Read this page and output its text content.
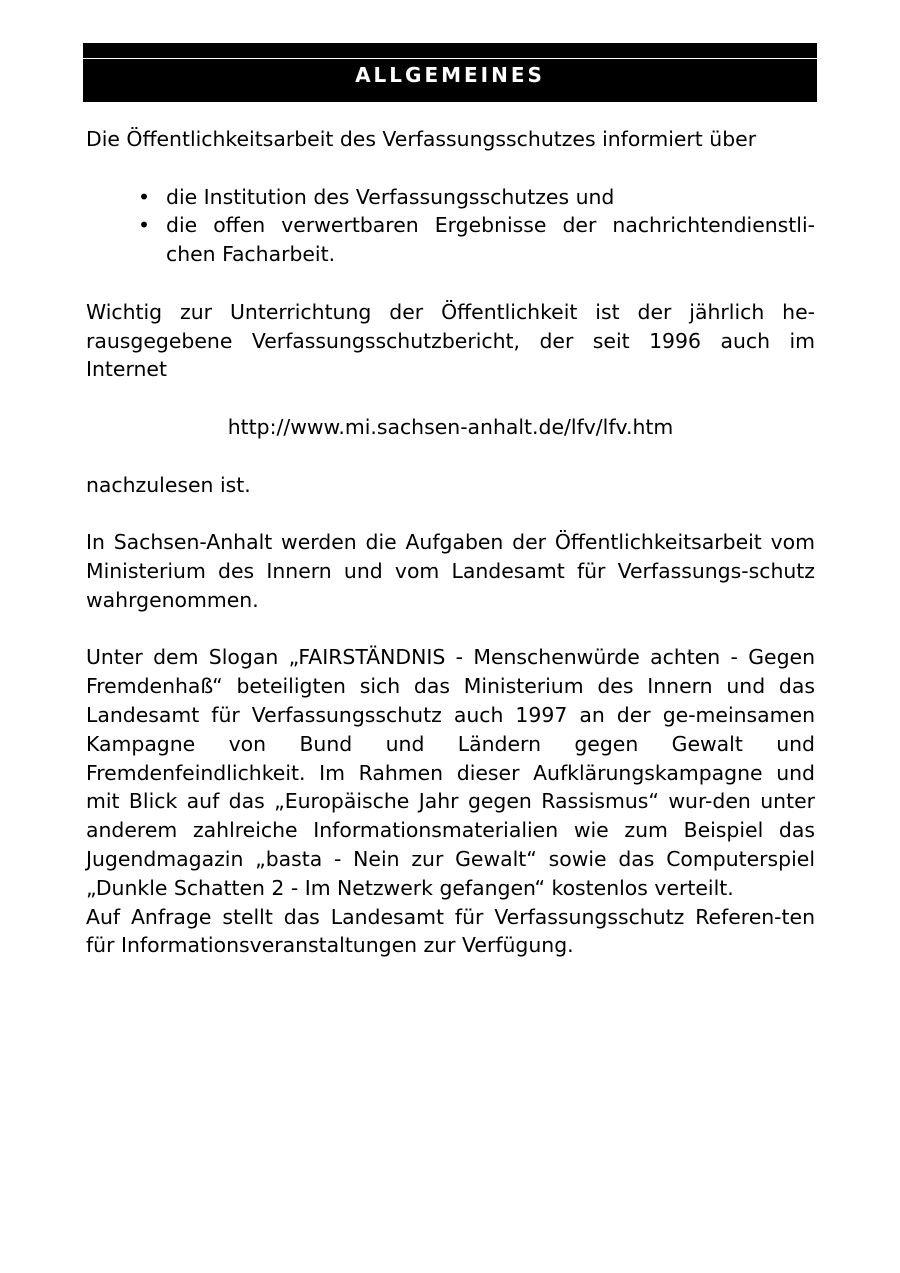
ALLGEMEINES

Die Öffentlichkeitsarbeit des Verfassungsschutzes informiert über

• die Institution des Verfassungsschutzes und
• die offen verwertbaren Ergebnisse der nachrichtendienstli-chen Facharbeit.

Wichtig zur Unterrichtung der Öffentlichkeit ist der jährlich he-rausgegebene Verfassungsschutzbericht, der seit 1996 auch im Internet

http://www.mi.sachsen-anhalt.de/lfv/lfv.htm

nachzulesen ist.

In Sachsen-Anhalt werden die Aufgaben der Öffentlichkeitsarbeit vom Ministerium des Innern und vom Landesamt für Verfassungs-schutz wahrgenommen.

Unter dem Slogan „FAIRSTÄNDNIS - Menschenwürde achten - Gegen Fremdenhaß“ beteiligten sich das Ministerium des Innern und das Landesamt für Verfassungsschutz auch 1997 an der ge-meinsamen Kampagne von Bund und Ländern gegen Gewalt und Fremdenfeindlichkeit. Im Rahmen dieser Aufklärungskampagne und mit Blick auf das „Europäische Jahr gegen Rassismus“ wur-den unter anderem zahlreiche Informationsmaterialien wie zum Beispiel das Jugendmagazin „basta - Nein zur Gewalt“ sowie das Computerspiel „Dunkle Schatten 2 - Im Netzwerk gefangen“ kostenlos verteilt.

Auf Anfrage stellt das Landesamt für Verfassungsschutz Referen-ten für Informationsveranstaltungen zur Verfügung.
